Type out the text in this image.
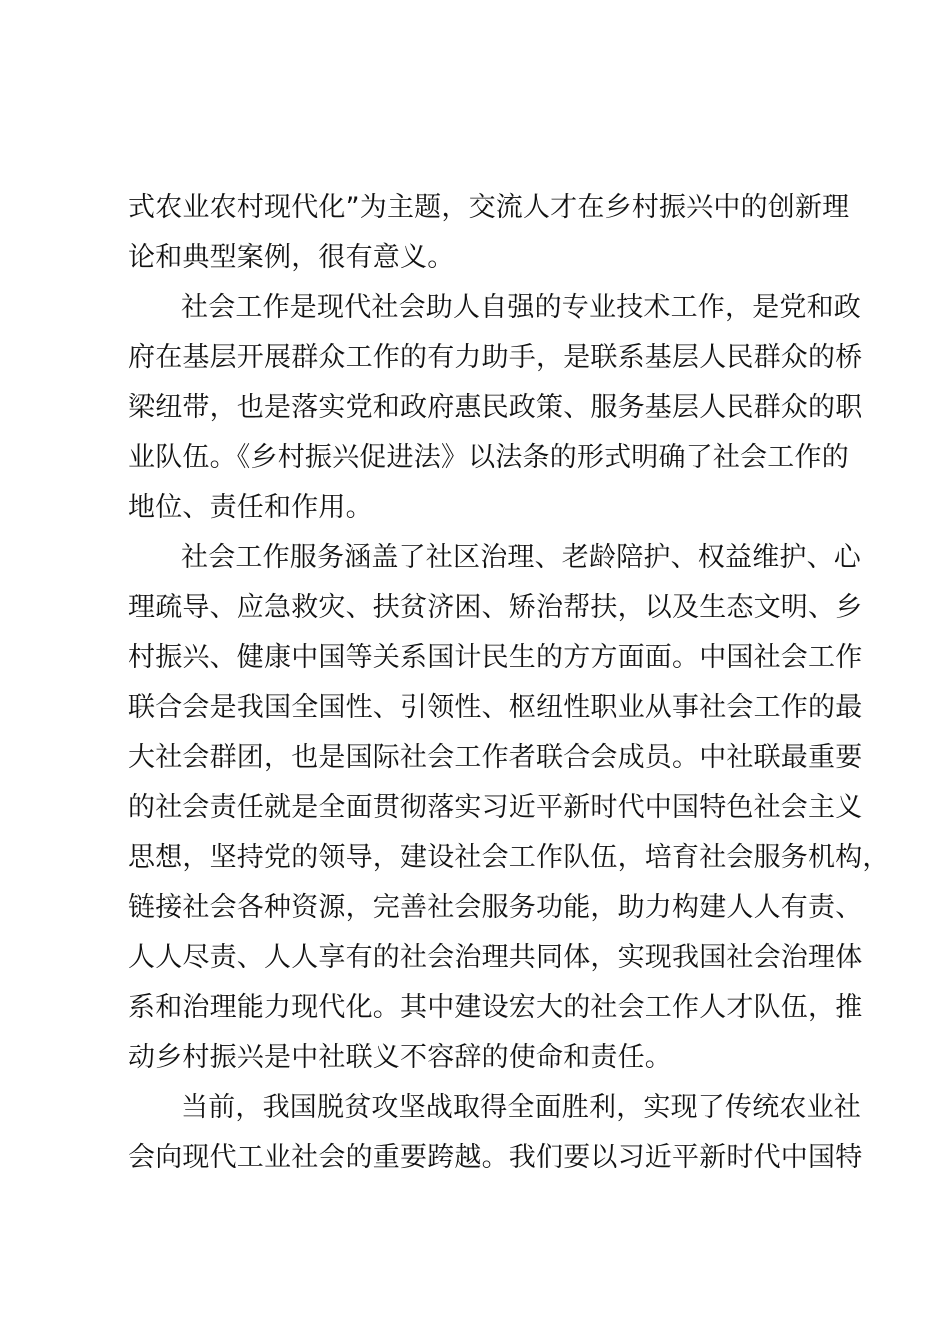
式农业农村现代化”为主题，交流人才在乡村振兴中的创新理
论和典型案例，很有意义。
社会工作是现代社会助人自强的专业技术工作，是党和政
府在基层开展群众工作的有力助手，是联系基层人民群众的桥
梁纽带，也是落实党和政府惠民政策、服务基层人民群众的职
业队伍。《乡村振兴促进法》以法条的形式明确了社会工作的
地位、责任和作用。
社会工作服务涵盖了社区治理、老龄陪护、权益维护、心
理疏导、应急救灾、扶贫济困、矫治帮扶，以及生态文明、乡
村振兴、健康中国等关系国计民生的方方面面。中国社会工作
联合会是我国全国性、引领性、枢纽性职业从事社会工作的最
大社会群团，也是国际社会工作者联合会成员。中社联最重要
的社会责任就是全面贯彻落实习近平新时代中国特色社会主义
思想，坚持党的领导，建设社会工作队伍，培育社会服务机构，
链接社会各种资源，完善社会服务功能，助力构建人人有责、
人人尽责、人人享有的社会治理共同体，实现我国社会治理体
系和治理能力现代化。其中建设宏大的社会工作人才队伍，推
动乡村振兴是中社联义不容辞的使命和责任。
当前，我国脱贫攻坚战取得全面胜利，实现了传统农业社
会向现代工业社会的重要跨越。我们要以习近平新时代中国特
